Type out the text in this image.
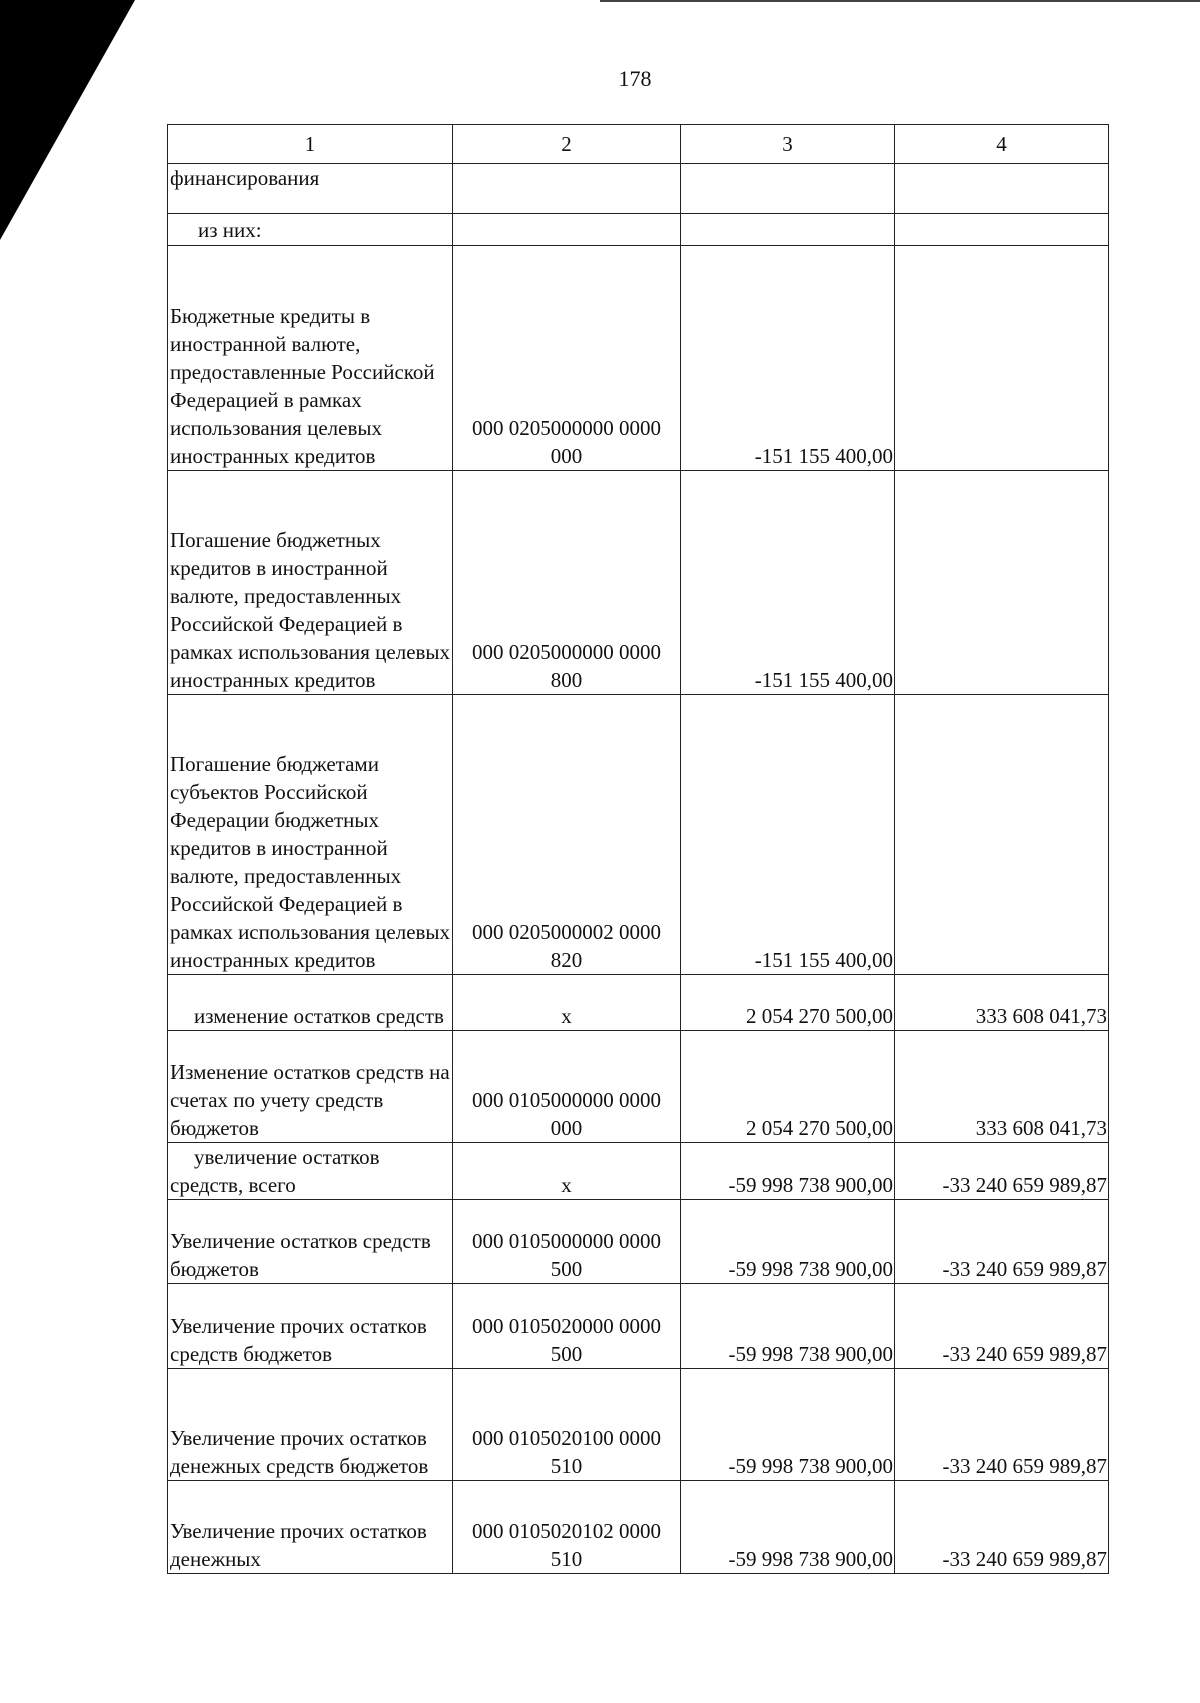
178
1	2	3	4
финансирования			
из них:			
Бюджетные кредиты в иностранной валюте, предоставленные Российской Федерацией в рамках использования целевых иностранных кредитов	000 0205000000 0000 000	-151 155 400,00	
Погашение бюджетных кредитов в иностранной валюте, предоставленных Российской Федерацией в рамках использования целевых иностранных кредитов	000 0205000000 0000 800	-151 155 400,00	
Погашение бюджетами субъектов Российской Федерации бюджетных кредитов в иностранной валюте, предоставленных Российской Федерацией в рамках использования целевых иностранных кредитов	000 0205000002 0000 820	-151 155 400,00	
изменение остатков средств	х	2 054 270 500,00	333 608 041,73
Изменение остатков средств на счетах по учету средств бюджетов	000 0105000000 0000 000	2 054 270 500,00	333 608 041,73
увеличение остатков средств, всего	х	-59 998 738 900,00	-33 240 659 989,87
Увеличение остатков средств бюджетов	000 0105000000 0000 500	-59 998 738 900,00	-33 240 659 989,87
Увеличение прочих остатков средств бюджетов	000 0105020000 0000 500	-59 998 738 900,00	-33 240 659 989,87
Увеличение прочих остатков денежных средств бюджетов	000 0105020100 0000 510	-59 998 738 900,00	-33 240 659 989,87
Увеличение прочих остатков денежных	000 0105020102 0000 510	-59 998 738 900,00	-33 240 659 989,87
